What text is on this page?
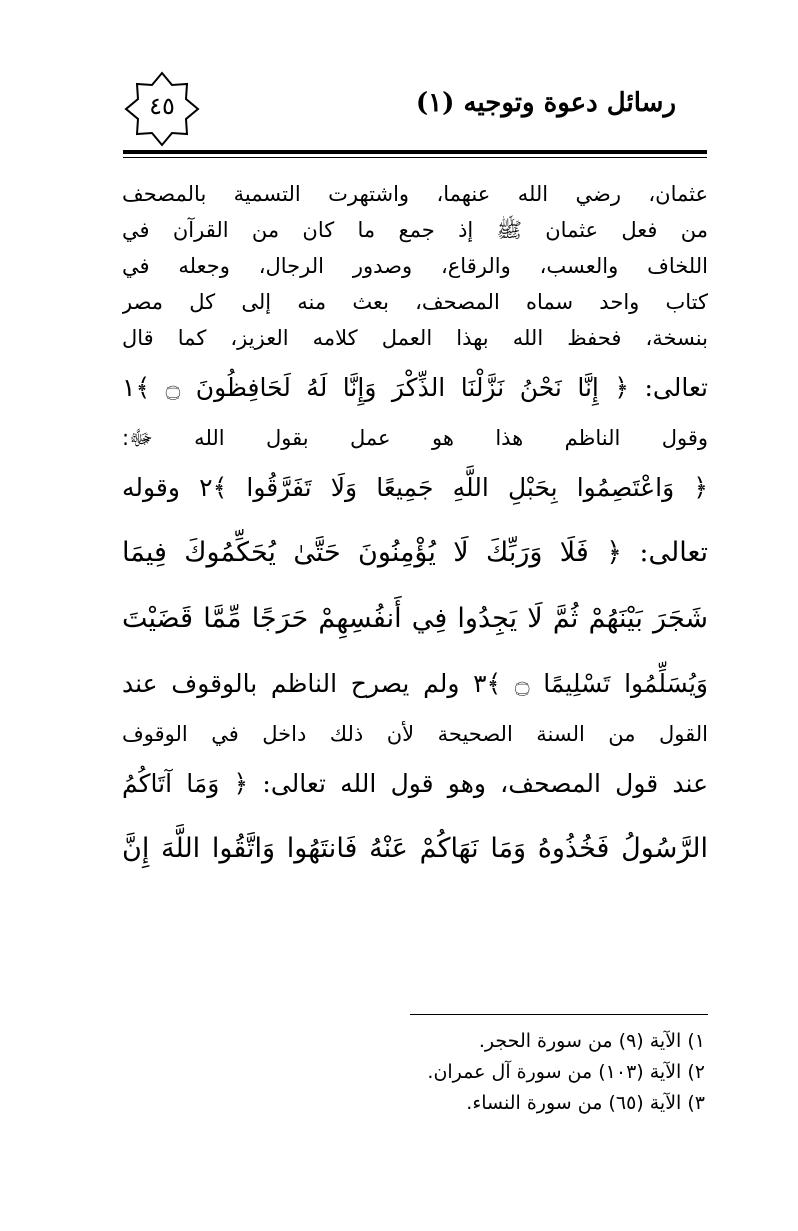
رسائل دعوة وتوجيه (١)
٤٥
عثمان، رضي الله عنهما، واشتهرت التسمية بالمصحف
من فعل عثمان ﷺ إذ جمع ما كان من القرآن في
اللخاف والعسب، والرقاع، وصدور الرجال، وجعله في
كتاب واحد سماه المصحف، بعث منه إلى كل مصر
بنسخة، فحفظ الله بهذا العمل كلامه العزيز، كما قال
تعالى: ﴿ إِنَّا نَحْنُ نَزَّلْنَا الذِّكْرَ وَإِنَّا لَهُ لَحَافِظُونَ ۝ ﴾١
وقول الناظم هذا هو عمل بقول الله ﷻ:
﴿ وَاعْتَصِمُوا بِحَبْلِ اللَّهِ جَمِيعًا وَلَا تَفَرَّقُوا ﴾٢ وقوله
تعالى: ﴿ فَلَا وَرَبِّكَ لَا يُؤْمِنُونَ حَتَّىٰ يُحَكِّمُوكَ فِيمَا
شَجَرَ بَيْنَهُمْ ثُمَّ لَا يَجِدُوا فِي أَنفُسِهِمْ حَرَجًا مِّمَّا قَضَيْتَ
وَيُسَلِّمُوا تَسْلِيمًا ۝ ﴾٣ ولم يصرح الناظم بالوقوف عند
القول من السنة الصحيحة لأن ذلك داخل في الوقوف
عند قول المصحف، وهو قول الله تعالى: ﴿ وَمَا آتَاكُمُ
الرَّسُولُ فَخُذُوهُ وَمَا نَهَاكُمْ عَنْهُ فَانتَهُوا وَاتَّقُوا اللَّهَ إِنَّ
١) الآية (٩) من سورة الحجر.
٢) الآية (١٠٣) من سورة آل عمران.
٣) الآية (٦٥) من سورة النساء.
